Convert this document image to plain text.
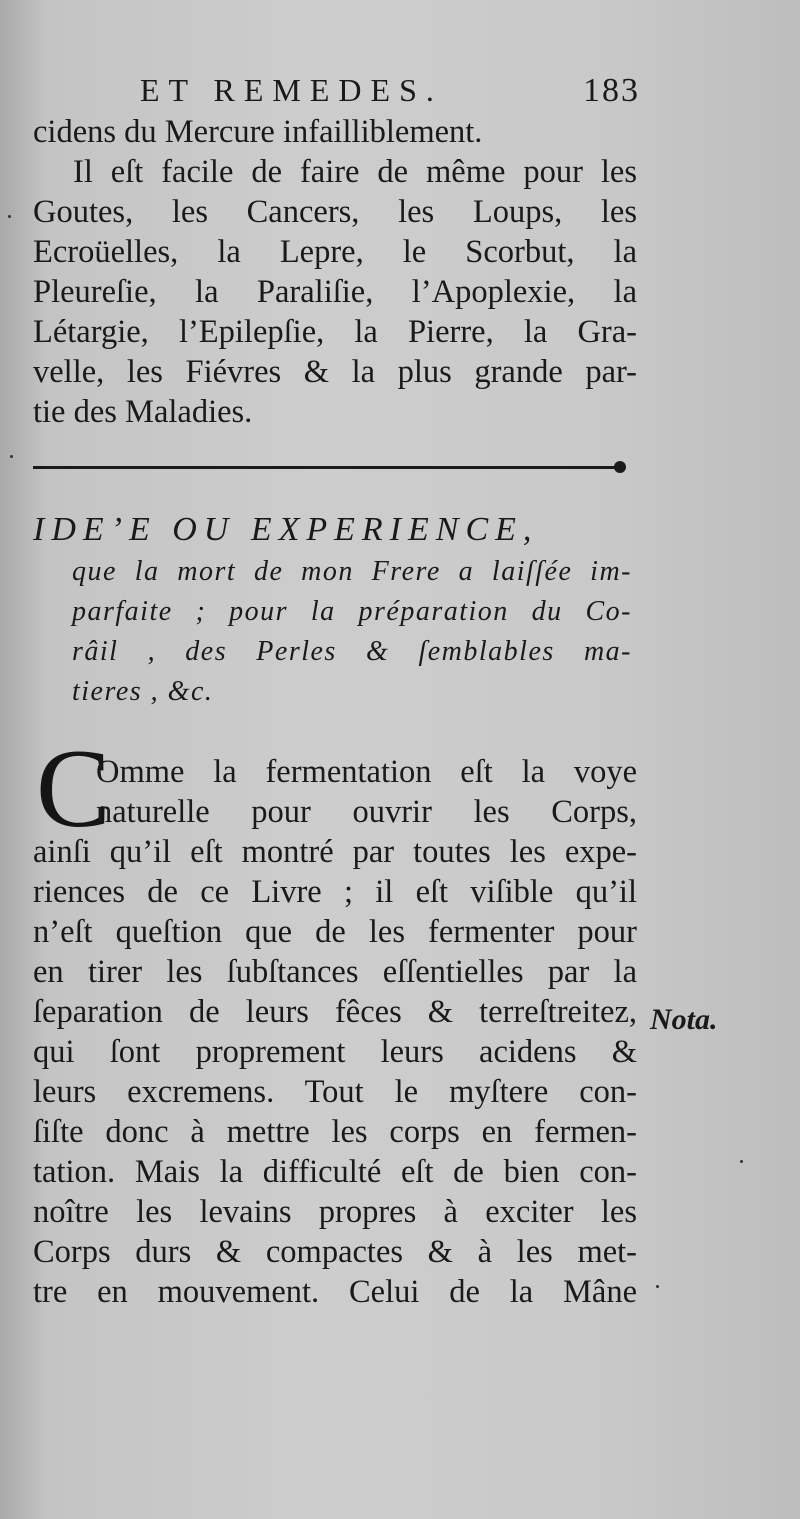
ET REMEDES.	183
cidens du Mercure infailliblement.
Il eſt facile de faire de même pour les
Goutes, les Cancers, les Loups, les
Ecroüelles, la Lepre, le Scorbut, la
Pleureſie, la Paraliſie, l’Apoplexie, la
Létargie, l’Epilepſie, la Pierre, la Gra-
velle, les Fiévres & la plus grande par-
tie des Maladies.
IDE’E OU EXPERIENCE,
que la mort de mon Frere a laiſſée im-
parfaite ; pour la préparation du Co-
râil , des Perles & ſemblables ma-
tieres , &c.
C
Omme la fermentation eſt la voye
naturelle pour ouvrir les Corps,
ainſi qu’il eſt montré par toutes les expe-
riences de ce Livre ; il eſt viſible qu’il
n’eſt queſtion que de les fermenter pour
en tirer les ſubſtances eſſentielles par la
ſeparation de leurs fêces & terreſtreitez,
qui ſont proprement leurs acidens &
leurs excremens. Tout le myſtere con-
ſiſte donc à mettre les corps en fermen-
tation. Mais la difficulté eſt de bien con-
noître les levains propres à exciter les
Corps durs & compactes & à les met-
tre en mouvement. Celui de la Mâne
Nota.
